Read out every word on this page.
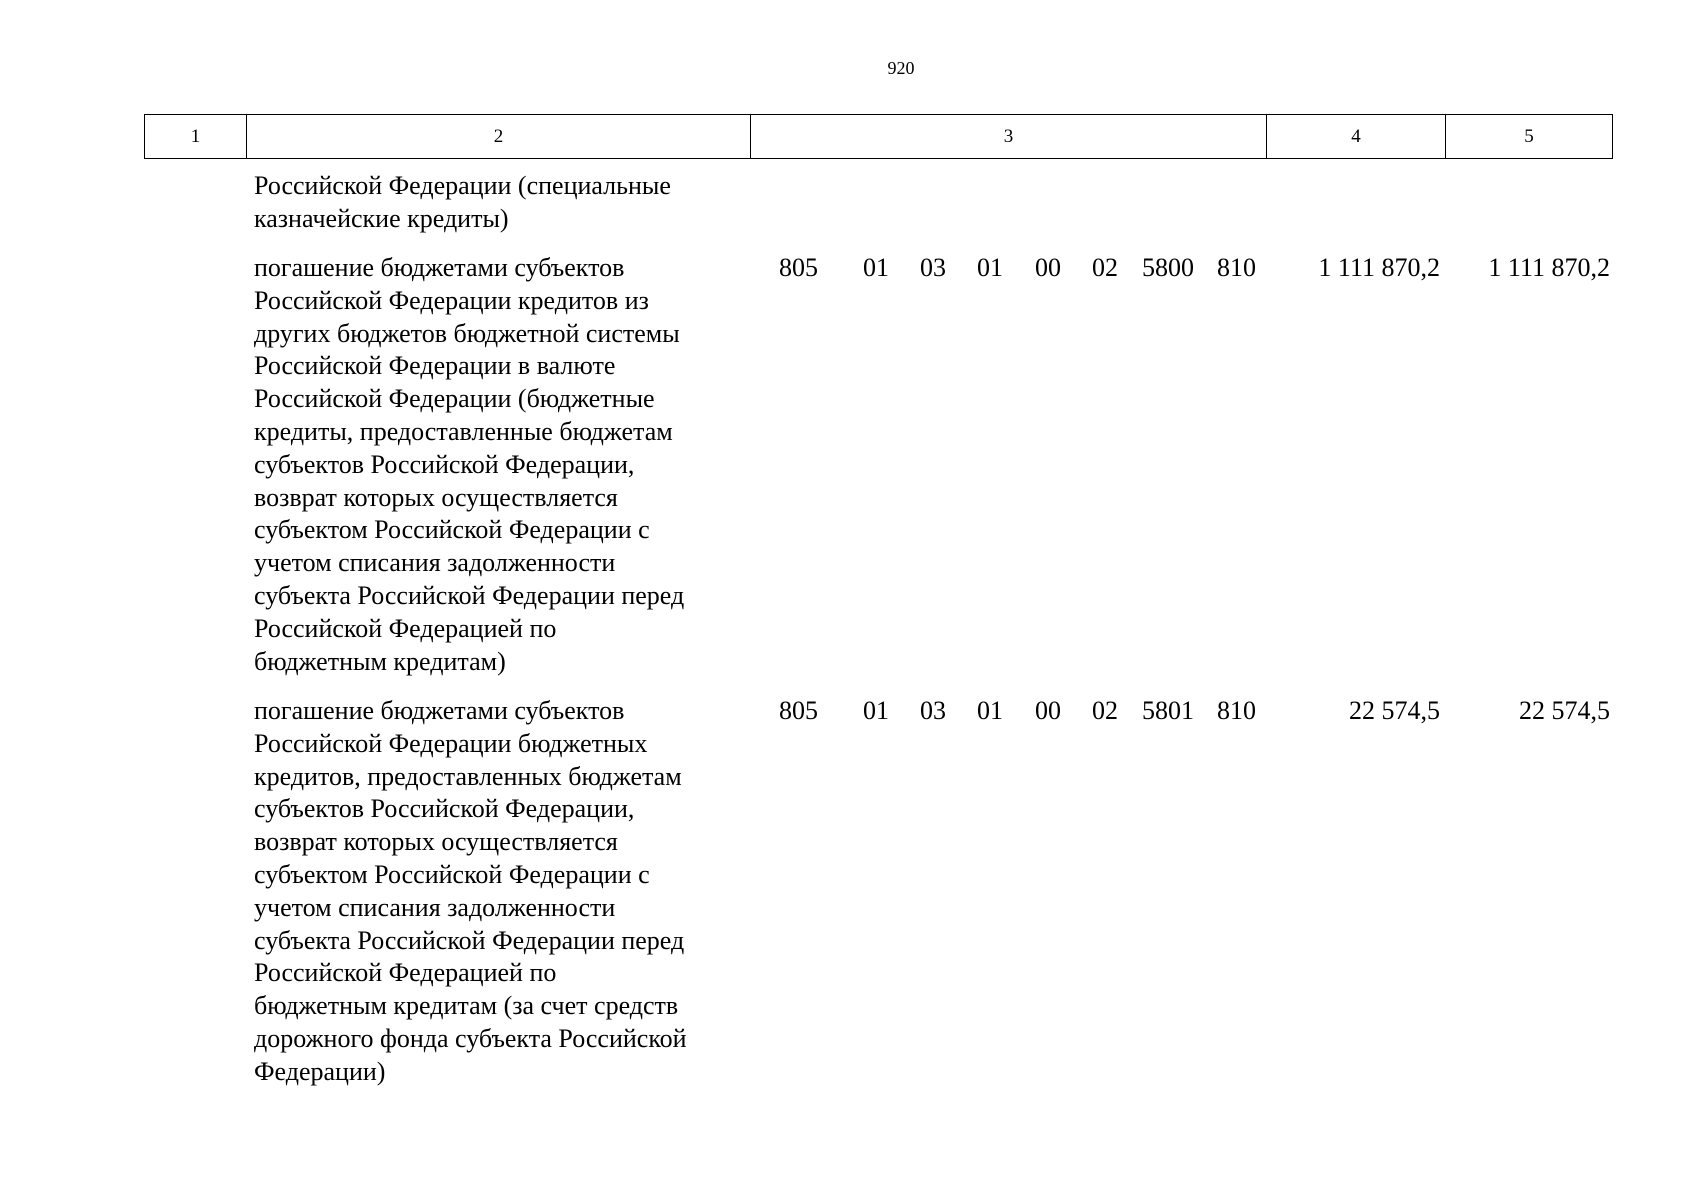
920
1	2	3	4	5
Российской Федерации (специальные
казначейские кредиты)
погашение бюджетами субъектов
Российской Федерации кредитов из
других бюджетов бюджетной системы
Российской Федерации в валюте
Российской Федерации (бюджетные
кредиты, предоставленные бюджетам
субъектов Российской Федерации,
возврат которых осуществляется
субъектом Российской Федерации с
учетом списания задолженности
субъекта Российской Федерации перед
Российской Федерацией по
бюджетным кредитам)
805 01 03 01 00 02 5800 810	1 111 870,2	1 111 870,2
погашение бюджетами субъектов
Российской Федерации бюджетных
кредитов, предоставленных бюджетам
субъектов Российской Федерации,
возврат которых осуществляется
субъектом Российской Федерации с
учетом списания задолженности
субъекта Российской Федерации перед
Российской Федерацией по
бюджетным кредитам (за счет средств
дорожного фонда субъекта Российской
Федерации)
805 01 03 01 00 02 5801 810	22 574,5	22 574,5
